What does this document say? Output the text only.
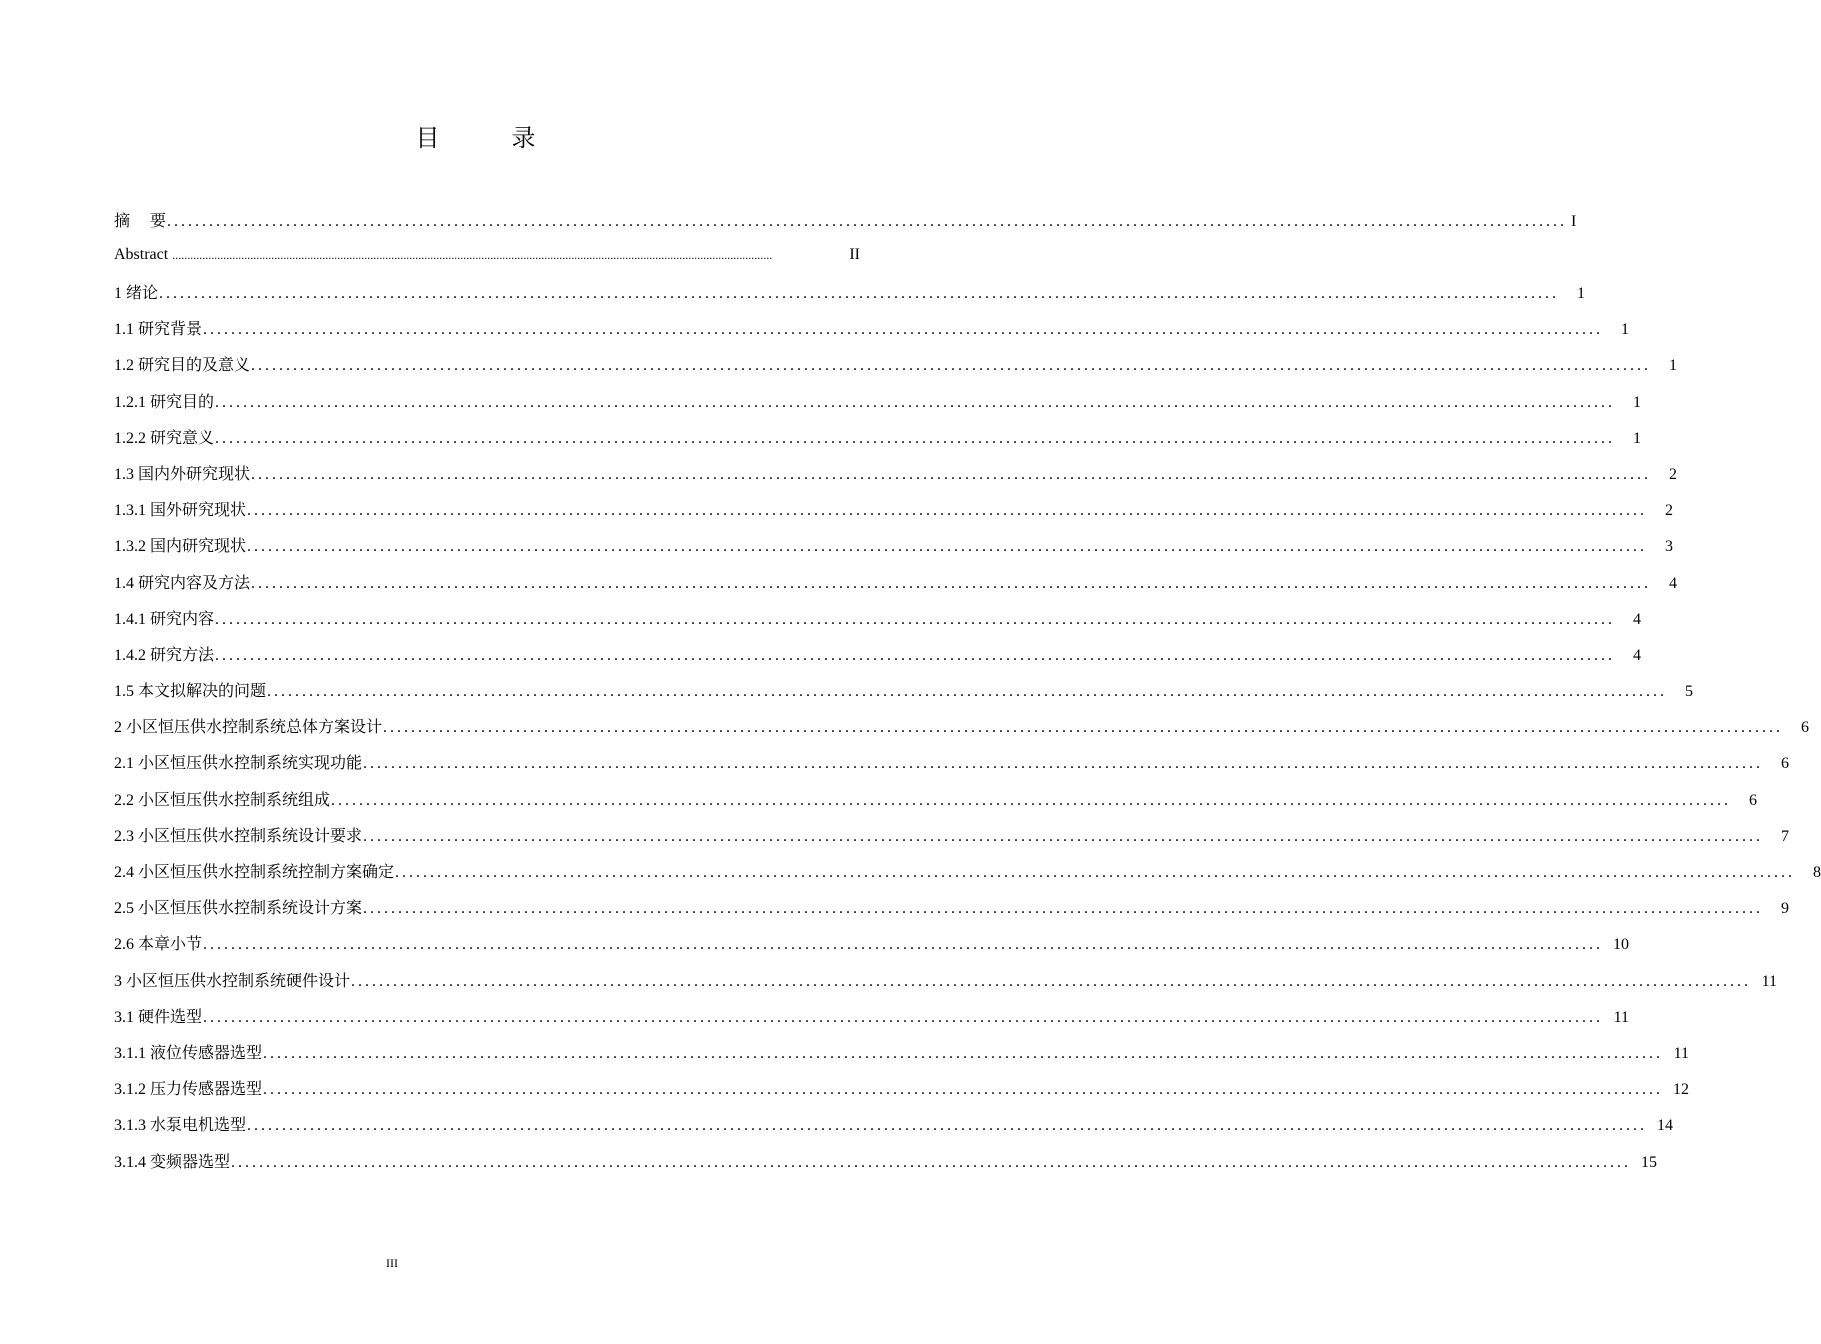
目　录
摘　 要 ........................................................................................................................................................................................................ I
Abstract ........................................................................................................................................................................................................	II
1 绪论 ........................................................................................................................................................................................................	1
1.1 研究背景 ........................................................................................................................................................................................................	1
1.2 研究目的及意义 ........................................................................................................................................................................................................	1
1.2.1 研究目的 ........................................................................................................................................................................................................	1
1.2.2 研究意义 ........................................................................................................................................................................................................	1
1.3 国内外研究现状 ........................................................................................................................................................................................................	2
1.3.1 国外研究现状 ........................................................................................................................................................................................................	2
1.3.2 国内研究现状 ........................................................................................................................................................................................................	3
1.4 研究内容及方法 ........................................................................................................................................................................................................	4
1.4.1 研究内容 ........................................................................................................................................................................................................	4
1.4.2 研究方法 ........................................................................................................................................................................................................	4
1.5 本文拟解决的问题 ........................................................................................................................................................................................................	5
2 小区恒压供水控制系统总体方案设计 ........................................................................................................................................................................................................	6
2.1 小区恒压供水控制系统实现功能 ........................................................................................................................................................................................................	6
2.2 小区恒压供水控制系统组成 ........................................................................................................................................................................................................	6
2.3 小区恒压供水控制系统设计要求 ........................................................................................................................................................................................................	7
2.4 小区恒压供水控制系统控制方案确定 ........................................................................................................................................................................................................	8
2.5 小区恒压供水控制系统设计方案 ........................................................................................................................................................................................................	9
2.6 本章小节 ........................................................................................................................................................................................................ 10
3 小区恒压供水控制系统硬件设计 ........................................................................................................................................................................................................ 11
3.1 硬件选型 ........................................................................................................................................................................................................ 11
3.1.1 液位传感器选型 ........................................................................................................................................................................................................ 11
3.1.2 压力传感器选型 ........................................................................................................................................................................................................ 12
3.1.3 水泵电机选型 ........................................................................................................................................................................................................ 14
3.1.4 变频器选型 ........................................................................................................................................................................................................ 15
III
